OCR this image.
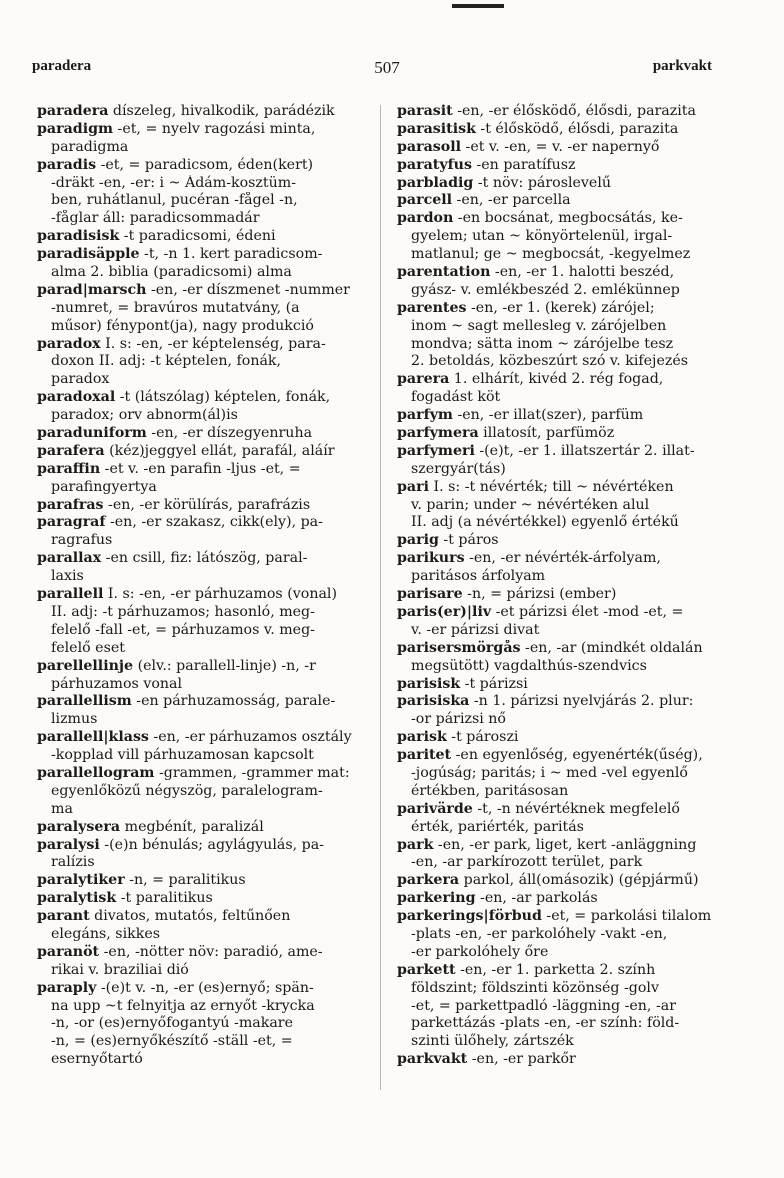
paradera	507	parkvakt
paradera díszeleg, hivalkodik, parádézik
paradigm -et, = nyelv ragozási minta,
paradigma
paradis -et, = paradicsom, éden(kert)
-dräkt -en, -er: i ~ Ádám-kosztüm-
ben, ruhátlanul, pucéran -fågel -n,
-fåglar áll: paradicsommadár
paradisisk -t paradicsomi, édeni
paradisäpple -t, -n 1. kert paradicsom-
alma 2. biblia (paradicsomi) alma
parad|marsch -en, -er díszmenet -nummer
-numret, = bravúros mutatvány, (a
műsor) fénypont(ja), nagy produkció
paradox I. s: -en, -er képtelenség, para-
doxon II. adj: -t képtelen, fonák,
paradox
paradoxal -t (látszólag) képtelen, fonák,
paradox; orv abnorm(ál)is
paraduniform -en, -er díszegyenruha
parafera (kéz)jeggyel ellát, parafál, aláír
paraffin -et v. -en parafin -ljus -et, =
parafingyertya
parafras -en, -er körülírás, parafrázis
paragraf -en, -er szakasz, cikk(ely), pa-
ragrafus
parallax -en csill, fiz: látószög, paral-
laxis
parallell I. s: -en, -er párhuzamos (vonal)
II. adj: -t párhuzamos; hasonló, meg-
felelő -fall -et, = párhuzamos v. meg-
felelő eset
parellellinje (elv.: parallell-linje) -n, -r
párhuzamos vonal
parallellism -en párhuzamosság, parale-
lizmus
parallell|klass -en, -er párhuzamos osztály
-kopplad vill párhuzamosan kapcsolt
parallellogram -grammen, -grammer mat:
egyenlőközű négyszög, paralelogram-
ma
paralysera megbénít, paralizál
paralysi -(e)n bénulás; agylágyulás, pa-
ralízis
paralytiker -n, = paralitikus
paralytisk -t paralitikus
parant divatos, mutatós, feltűnően
elegáns, sikkes
paranöt -en, -nötter növ: paradió, ame-
rikai v. braziliai dió
paraply -(e)t v. -n, -er (es)ernyő; spän-
na upp ~t felnyitja az ernyőt -krycka
-n, -or (es)ernyőfogantyú -makare
-n, = (es)ernyőkészítő -ställ -et, =
esernyőtartó
parasit -en, -er élősködő, élősdi, parazita
parasitisk -t élősködő, élősdi, parazita
parasoll -et v. -en, = v. -er napernyő
paratyfus -en paratífusz
parbladig -t növ: pároslevelű
parcell -en, -er parcella
pardon -en bocsánat, megbocsátás, ke-
gyelem; utan ~ könyörtelenül, irgal-
matlanul; ge ~ megbocsát, -kegyelmez
parentation -en, -er 1. halotti beszéd,
gyász- v. emlékbeszéd 2. emlékünnep
parentes -en, -er 1. (kerek) zárójel;
inom ~ sagt mellesleg v. zárójelben
mondva; sätta inom ~ zárójelbe tesz
2. betoldás, közbeszúrt szó v. kifejezés
parera 1. elhárít, kivéd 2. rég fogad,
fogadást köt
parfym -en, -er illat(szer), parfüm
parfymera illatosít, parfümöz
parfymeri -(e)t, -er 1. illatszertár 2. illat-
szergyár(tás)
pari I. s: -t névérték; till ~ névértéken
v. parin; under ~ névértéken alul
II. adj (a névértékkel) egyenlő értékű
parig -t páros
parikurs -en, -er névérték-árfolyam,
paritásos árfolyam
parisare -n, = párizsi (ember)
paris(er)|liv -et párizsi élet -mod -et, =
v. -er párizsi divat
parisersmörgås -en, -ar (mindkét oldalán
megsütött) vagdalthús-szendvics
parisisk -t párizsi
parisiska -n 1. párizsi nyelvjárás 2. plur:
-or párizsi nő
parisk -t pároszi
paritet -en egyenlőség, egyenérték(űség),
-jogúság; paritás; i ~ med -vel egyenlő
értékben, paritásosan
parivärde -t, -n névértéknek megfelelő
érték, pariérték, paritás
park -en, -er park, liget, kert -anläggning
-en, -ar parkírozott terület, park
parkera parkol, áll(omásozik) (gépjármű)
parkering -en, -ar parkolás
parkerings|förbud -et, = parkolási tilalom
-plats -en, -er parkolóhely -vakt -en,
-er parkolóhely őre
parkett -en, -er 1. parketta 2. szính
földszint; földszinti közönség -golv
-et, = parkettpadló -läggning -en, -ar
parkettázás -plats -en, -er szính: föld-
szinti ülőhely, zártszék
parkvakt -en, -er parkőr
